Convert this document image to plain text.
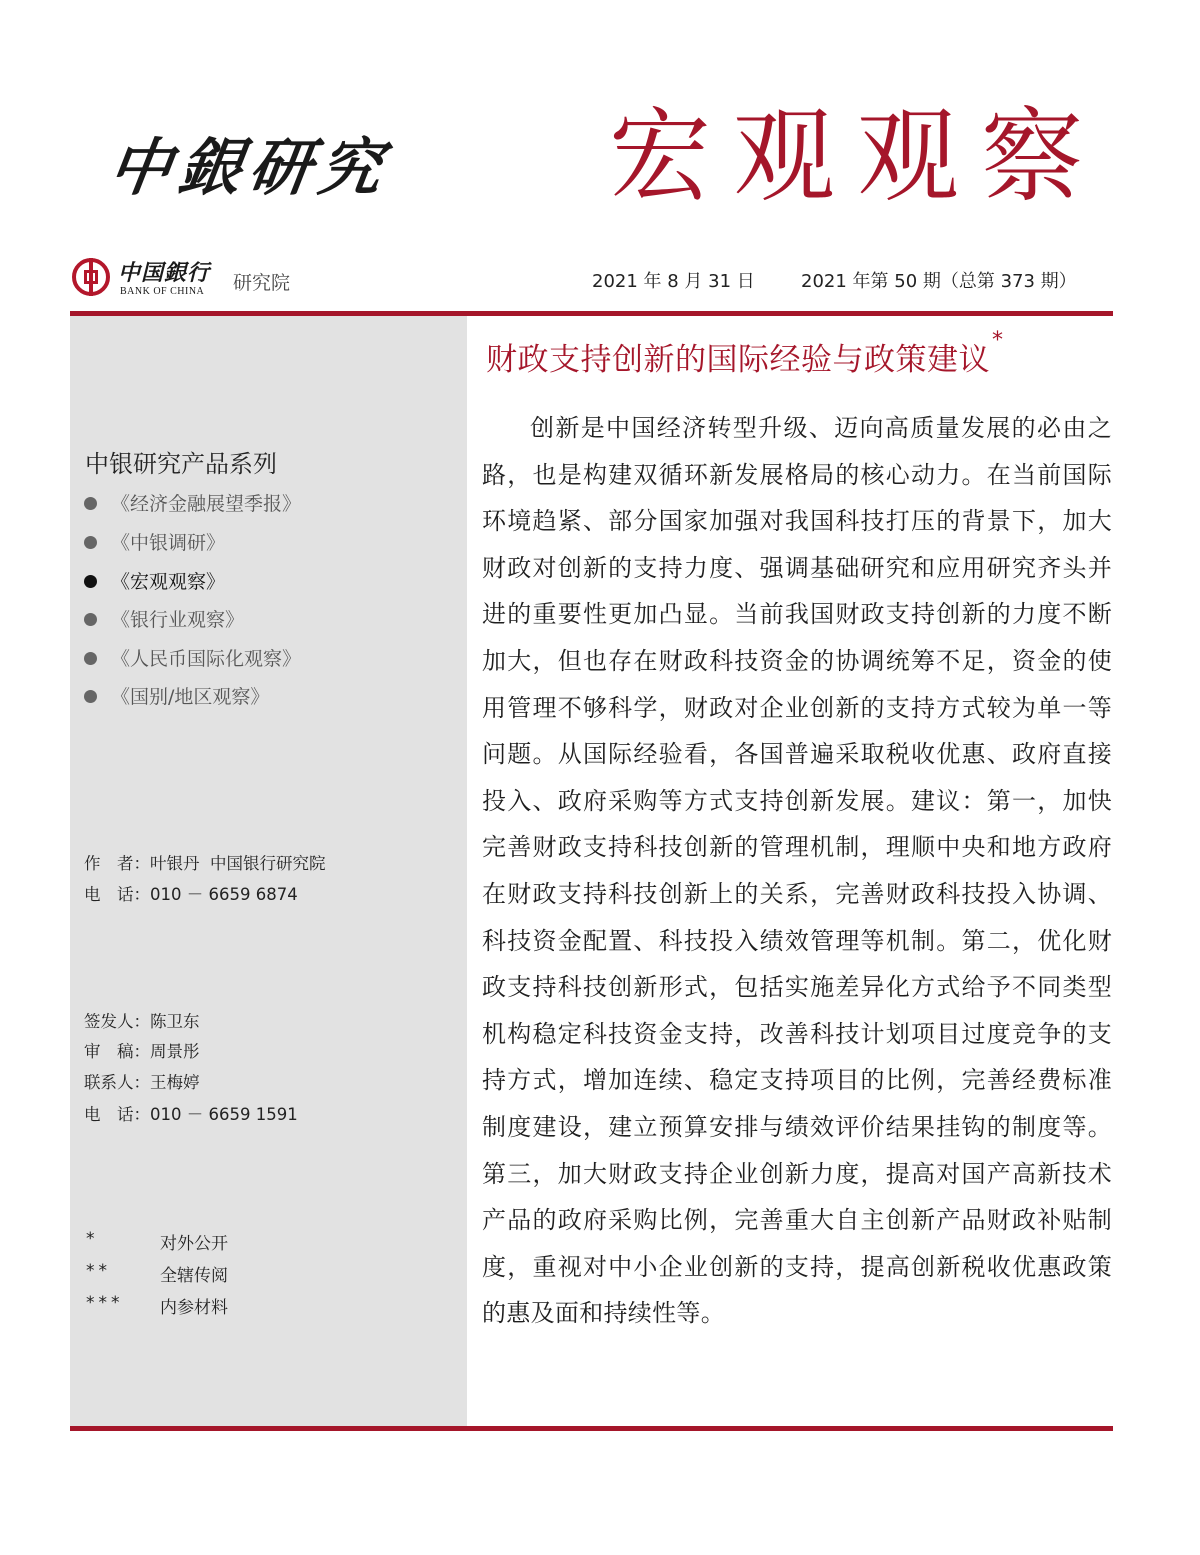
中銀研究 宏观观察
中国銀行
BANK OF CHINA 研究院	2021 年 8 月 31 日	2021 年第 50 期（总第 373 期）
中银研究产品系列
《经济金融展望季报》
《中银调研》
《宏观观察》
《银行业观察》
《人民币国际化观察》
《国别/地区观察》
作　者：叶银丹  中国银行研究院
电　话：010 － 6659 6874
签发人：陈卫东
审　稿：周景彤
联系人：王梅婷
电　话：010 － 6659 1591
*	对外公开
**	全辖传阅
***	内参材料
财政支持创新的国际经验与政策建议*

创新是中国经济转型升级、迈向高质量发展的必由之路，也是构建双循环新发展格局的核心动力。在当前国际环境趋紧、部分国家加强对我国科技打压的背景下，加大财政对创新的支持力度、强调基础研究和应用研究齐头并进的重要性更加凸显。当前我国财政支持创新的力度不断加大，但也存在财政科技资金的协调统筹不足，资金的使用管理不够科学，财政对企业创新的支持方式较为单一等问题。从国际经验看，各国普遍采取税收优惠、政府直接投入、政府采购等方式支持创新发展。建议：第一，加快完善财政支持科技创新的管理机制，理顺中央和地方政府在财政支持科技创新上的关系，完善财政科技投入协调、科技资金配置、科技投入绩效管理等机制。第二，优化财政支持科技创新形式，包括实施差异化方式给予不同类型机构稳定科技资金支持，改善科技计划项目过度竞争的支持方式，增加连续、稳定支持项目的比例，完善经费标准制度建设，建立预算安排与绩效评价结果挂钩的制度等。第三，加大财政支持企业创新力度，提高对国产高新技术产品的政府采购比例，完善重大自主创新产品财政补贴制度，重视对中小企业创新的支持，提高创新税收优惠政策的惠及面和持续性等。
